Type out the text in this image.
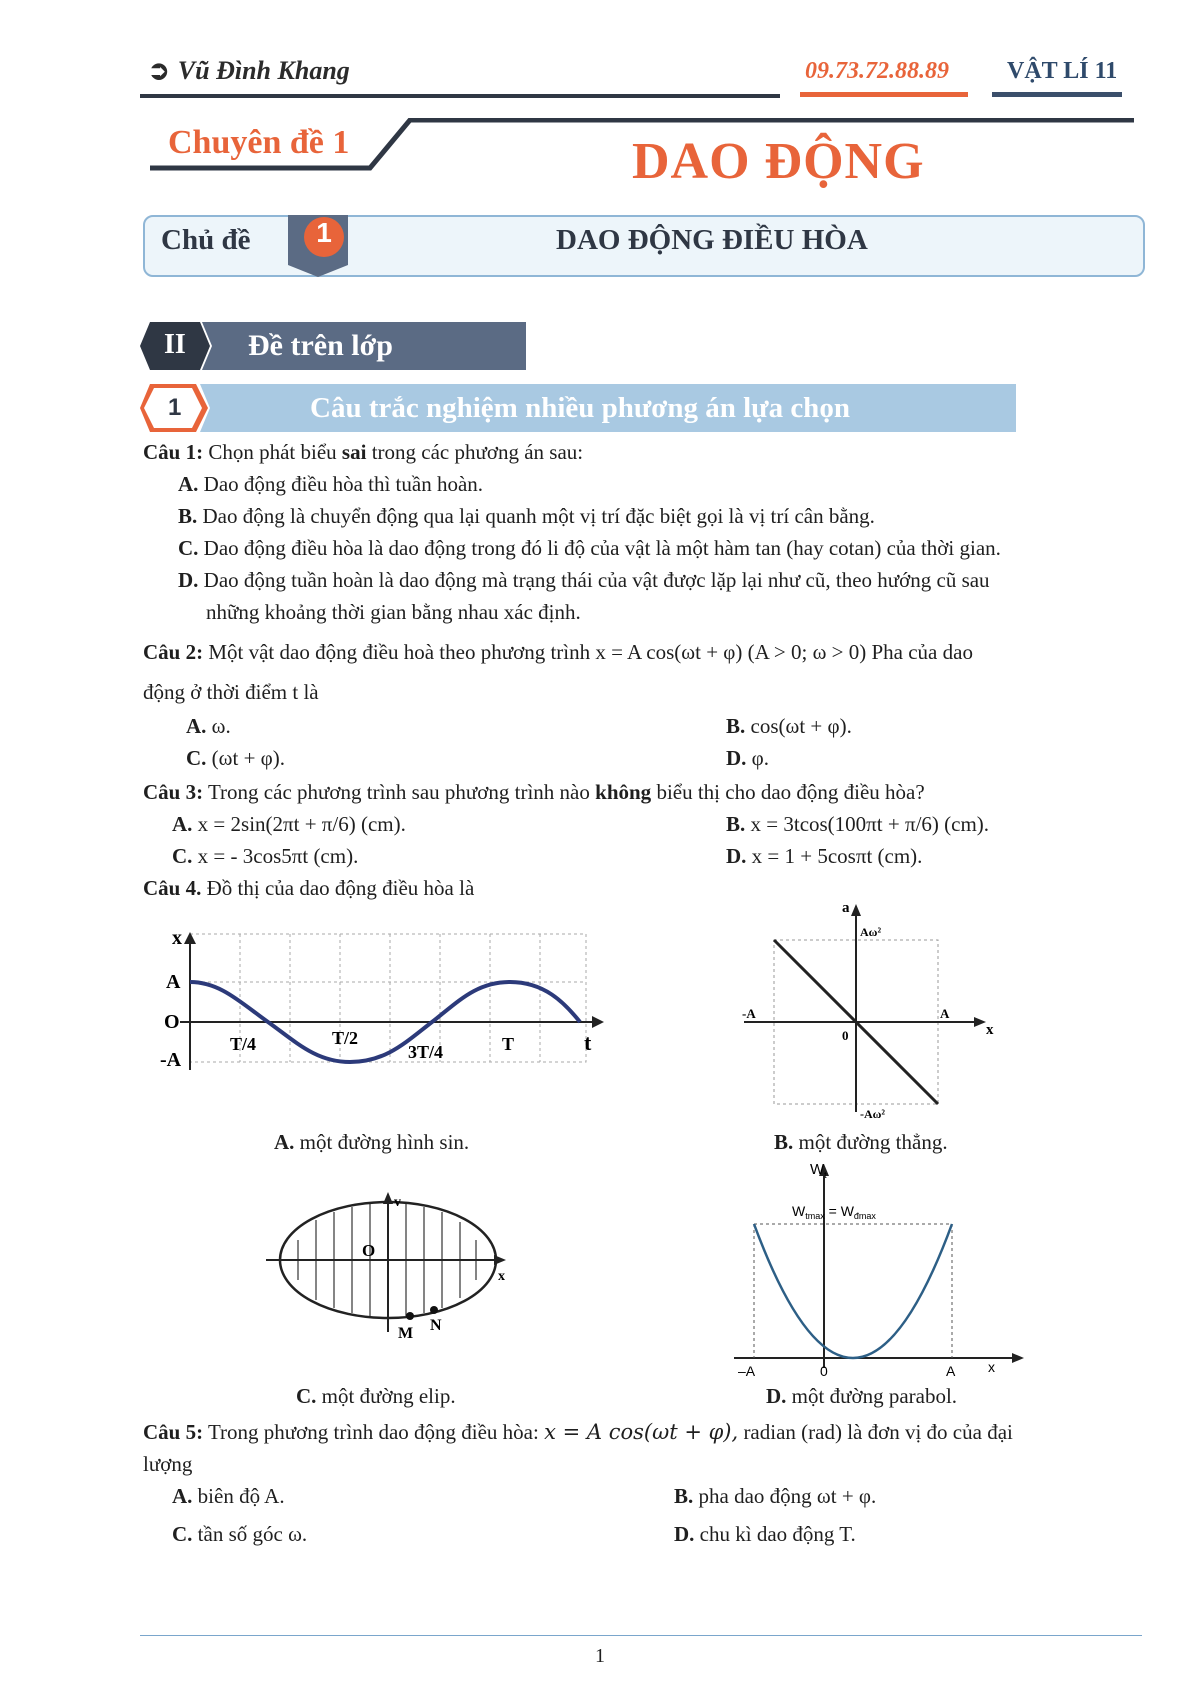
➲ Vũ Đình Khang	09.73.72.88.89 VẬT LÍ 11
Chuyên đề 1	DAO ĐỘNG
Chủ đề	1	DAO ĐỘNG ĐIỀU HÒA
II Đề trên lớp
1	Câu trắc nghiệm nhiều phương án lựa chọn
Câu 1: Chọn phát biểu sai trong các phương án sau:
A. Dao động điều hòa thì tuần hoàn.
B. Dao động là chuyển động qua lại quanh một vị trí đặc biệt gọi là vị trí cân bằng.
C. Dao động điều hòa là dao động trong đó li độ của vật là một hàm tan (hay cotan) của thời gian.
D. Dao động tuần hoàn là dao động mà trạng thái của vật được lặp lại như cũ, theo hướng cũ sau
những khoảng thời gian bằng nhau xác định.
Câu 2: Một vật dao động điều hoà theo phương trình x = A cos(ωt + φ) (A > 0; ω > 0) Pha của dao
động ở thời điểm t là
A. ω.	B. cos(ωt + φ).
C. (ωt + φ).	D. φ.
Câu 3: Trong các phương trình sau phương trình nào không biểu thị cho dao động điều hòa?
A. x = 2sin(2πt + π/6) (cm).	B. x = 3tcos(100πt + π/6) (cm).
C. x = - 3cos5πt (cm).	D. x = 1 + 5cosπt (cm).
Câu 4. Đồ thị của dao động điều hòa là
x
A
O
-A
t
T/4	T/2
3T/4	T
A. một đường hình sin.
a
Aω²
-Aω²
-A	A
0	x
B. một đường thẳng.
v
O
x
M N
C. một đường elip.
$W_t$
$W_{tmax} = W_{đmax}$
–A	0	A x
D. một đường parabol.
Câu 5: Trong phương trình dao động điều hòa: x = A cos(ωt + φ), radian (rad) là đơn vị đo của đại
lượng
A. biên độ A.	B. pha dao động ωt + φ.
C. tần số góc ω.	D. chu kì dao động T.
1
